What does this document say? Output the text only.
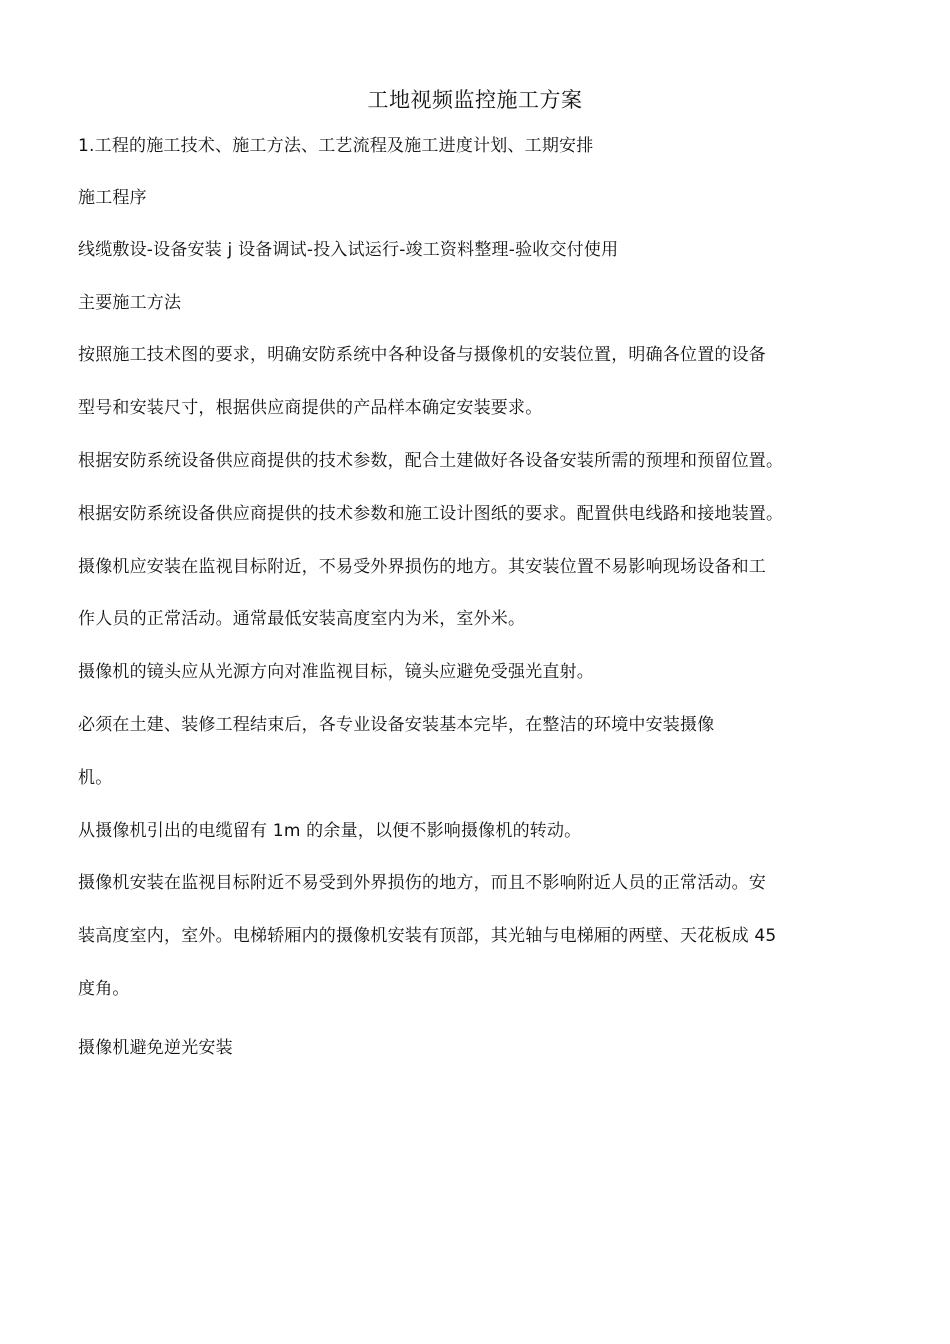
工地视频监控施工方案
1.工程的施工技术、施工方法、工艺流程及施工进度计划、工期安排
施工程序
线缆敷设-设备安装 j 设备调试-投入试运行-竣工资料整理-验收交付使用
主要施工方法
按照施工技术图的要求，明确安防系统中各种设备与摄像机的安装位置，明确各位置的设备
型号和安装尺寸，根据供应商提供的产品样本确定安装要求。
根据安防系统设备供应商提供的技术参数，配合土建做好各设备安装所需的预埋和预留位置。
根据安防系统设备供应商提供的技术参数和施工设计图纸的要求。配置供电线路和接地装置。
摄像机应安装在监视目标附近，不易受外界损伤的地方。其安装位置不易影响现场设备和工
作人员的正常活动。通常最低安装高度室内为米，室外米。
摄像机的镜头应从光源方向对准监视目标，镜头应避免受强光直射。
必须在土建、装修工程结束后，各专业设备安装基本完毕，在整洁的环境中安装摄像
机。
从摄像机引出的电缆留有 1m 的余量，以便不影响摄像机的转动。
摄像机安装在监视目标附近不易受到外界损伤的地方，而且不影响附近人员的正常活动。安
装高度室内，室外。电梯轿厢内的摄像机安装有顶部，其光轴与电梯厢的两壁、天花板成 45
度角。
摄像机避免逆光安装
